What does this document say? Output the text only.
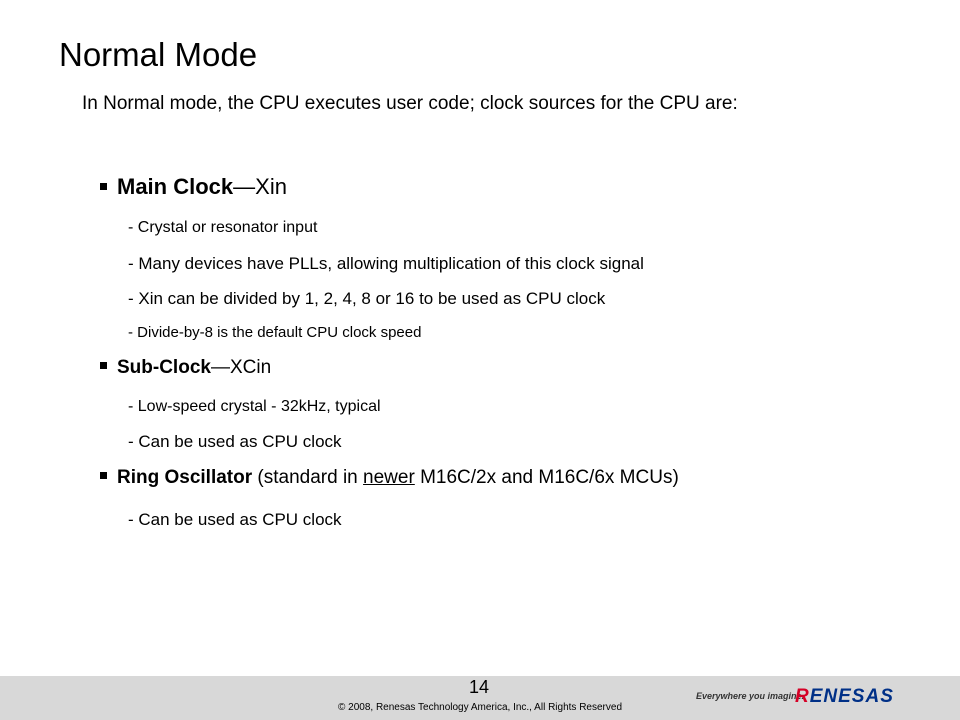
Normal Mode
In Normal mode, the CPU executes user code; clock sources for the CPU are:
Main Clock —Xin
- Crystal or resonator input
- Many devices have PLLs, allowing multiplication of this clock signal
- Xin can be divided by 1, 2, 4, 8 or 16 to be used as CPU clock
- Divide-by-8 is the default CPU clock speed
Sub-Clock —XCin
- Low-speed crystal - 32kHz, typical
- Can be used as CPU clock
Ring Oscillator (standard in newer M16C/2x and M16C/6x MCUs)
- Can be used as CPU clock
14
© 2008, Renesas Technology America, Inc., All Rights Reserved
Everywhere you imagine.
RENESAS
